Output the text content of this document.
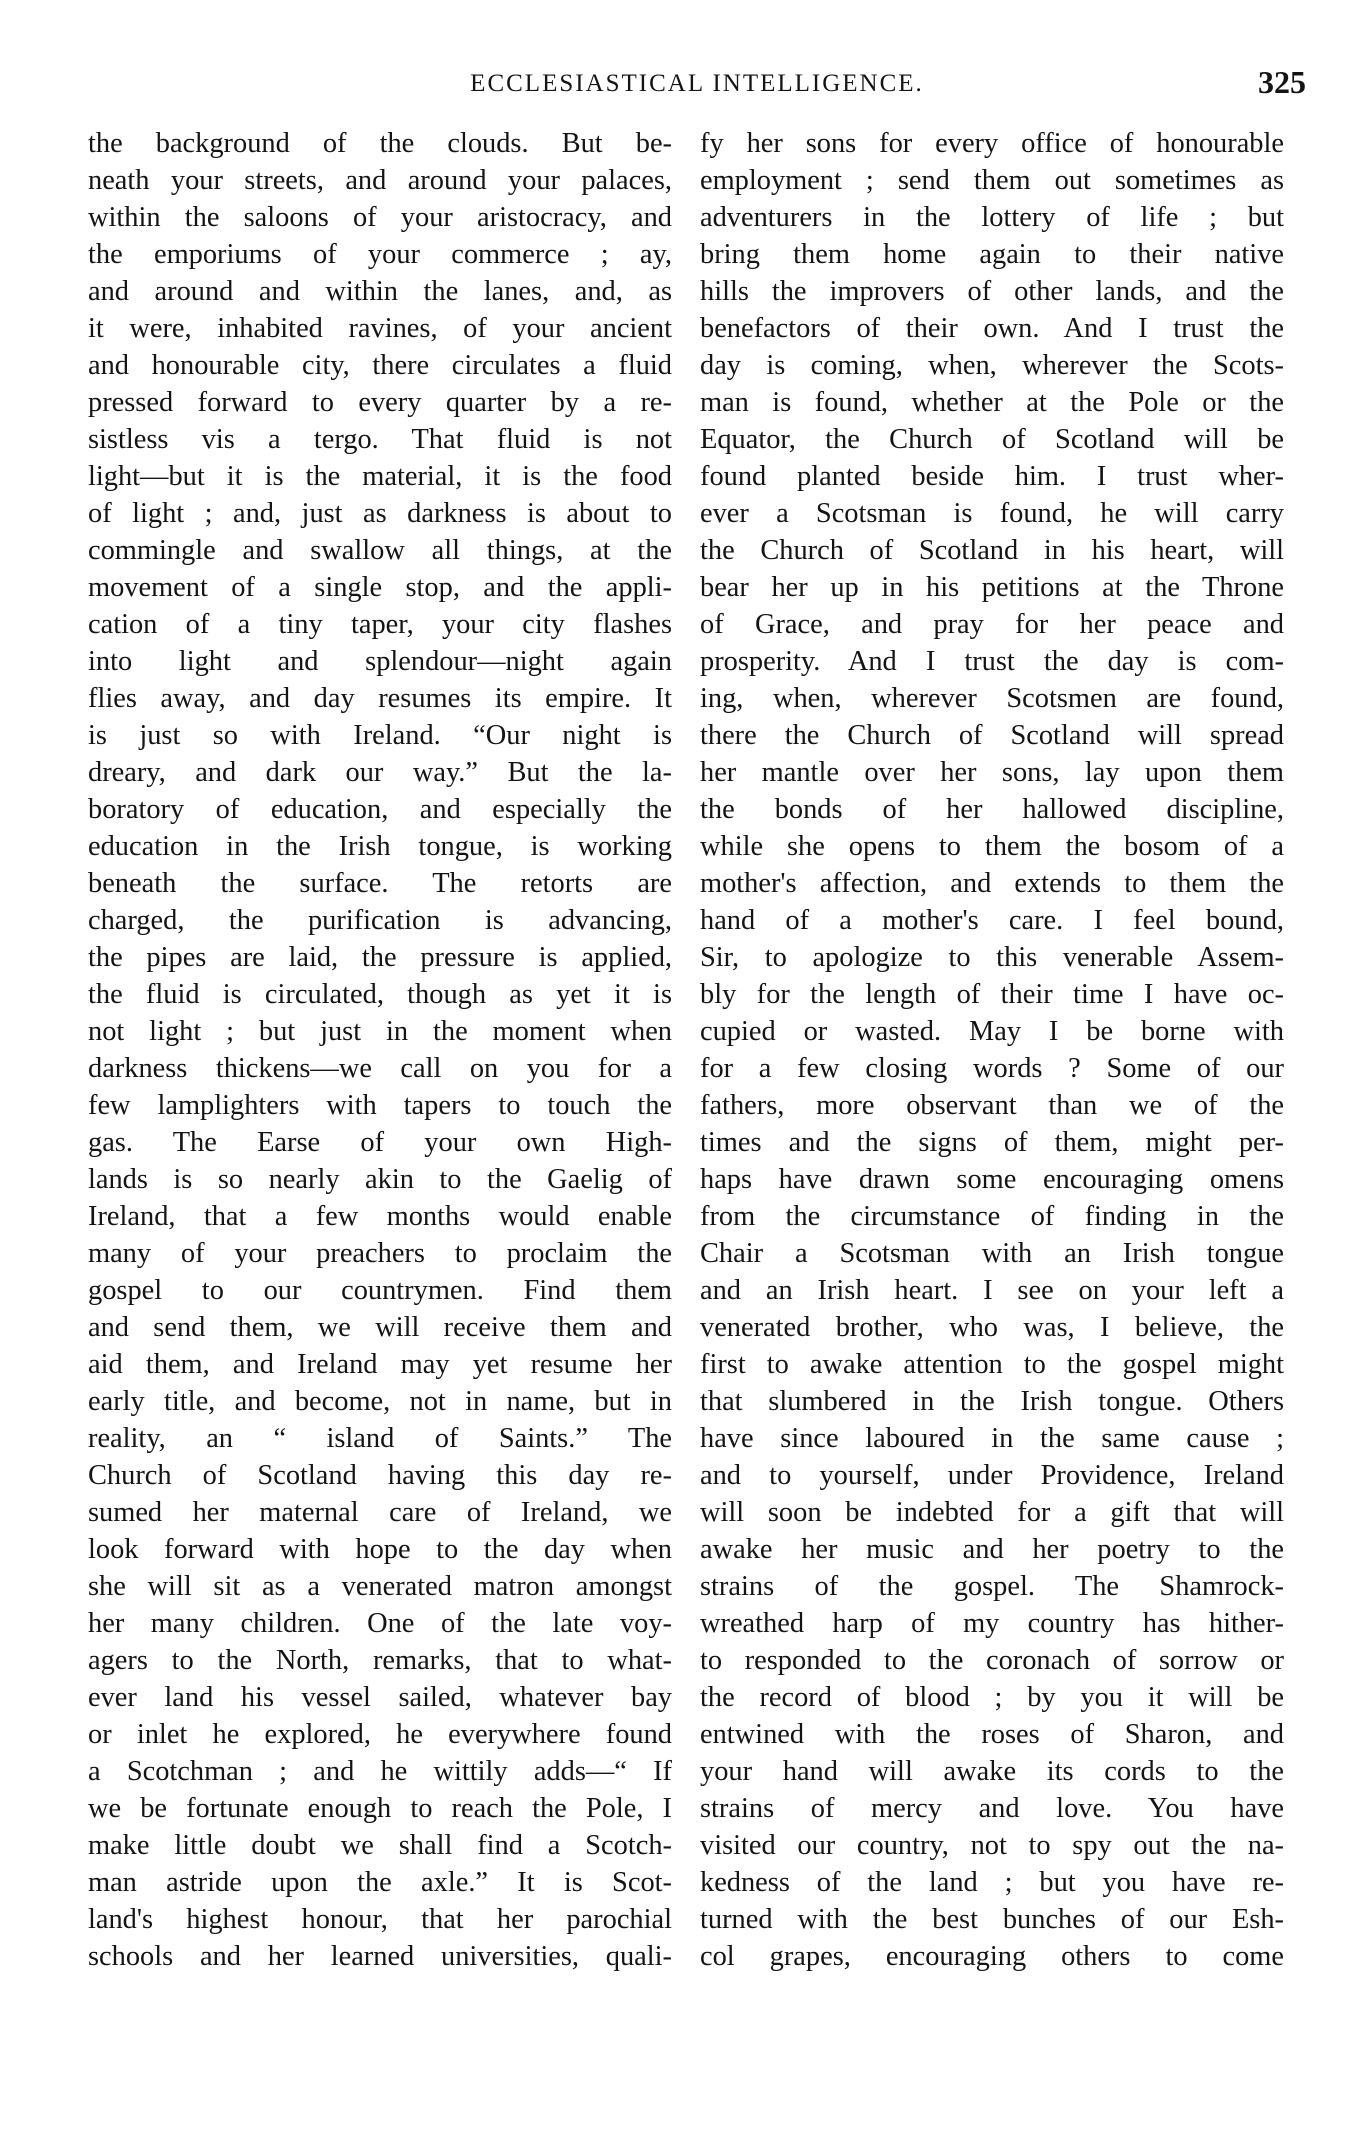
ECCLESIASTICAL INTELLIGENCE.	325
the background of the clouds. But be-
neath your streets, and around your palaces,
within the saloons of your aristocracy, and
the emporiums of your commerce ; ay,
and around and within the lanes, and, as
it were, inhabited ravines, of your ancient
and honourable city, there circulates a fluid
pressed forward to every quarter by a re-
sistless vis a tergo. That fluid is not
light—but it is the material, it is the food
of light ; and, just as darkness is about to
commingle and swallow all things, at the
movement of a single stop, and the appli-
cation of a tiny taper, your city flashes
into light and splendour—night again
flies away, and day resumes its empire. It
is just so with Ireland. “Our night is
dreary, and dark our way.” But the la-
boratory of education, and especially the
education in the Irish tongue, is working
beneath the surface. The retorts are
charged, the purification is advancing,
the pipes are laid, the pressure is applied,
the fluid is circulated, though as yet it is
not light ; but just in the moment when
darkness thickens—we call on you for a
few lamplighters with tapers to touch the
gas. The Earse of your own High-
lands is so nearly akin to the Gaelig of
Ireland, that a few months would enable
many of your preachers to proclaim the
gospel to our countrymen. Find them
and send them, we will receive them and
aid them, and Ireland may yet resume her
early title, and become, not in name, but in
reality, an “ island of Saints.” The
Church of Scotland having this day re-
sumed her maternal care of Ireland, we
look forward with hope to the day when
she will sit as a venerated matron amongst
her many children. One of the late voy-
agers to the North, remarks, that to what-
ever land his vessel sailed, whatever bay
or inlet he explored, he everywhere found
a Scotchman ; and he wittily adds—“ If
we be fortunate enough to reach the Pole, I
make little doubt we shall find a Scotch-
man astride upon the axle.” It is Scot-
land's highest honour, that her parochial
schools and her learned universities, quali-
fy her sons for every office of honourable
employment ; send them out sometimes as
adventurers in the lottery of life ; but
bring them home again to their native
hills the improvers of other lands, and the
benefactors of their own. And I trust the
day is coming, when, wherever the Scots-
man is found, whether at the Pole or the
Equator, the Church of Scotland will be
found planted beside him. I trust wher-
ever a Scotsman is found, he will carry
the Church of Scotland in his heart, will
bear her up in his petitions at the Throne
of Grace, and pray for her peace and
prosperity. And I trust the day is com-
ing, when, wherever Scotsmen are found,
there the Church of Scotland will spread
her mantle over her sons, lay upon them
the bonds of her hallowed discipline,
while she opens to them the bosom of a
mother's affection, and extends to them the
hand of a mother's care. I feel bound,
Sir, to apologize to this venerable Assem-
bly for the length of their time I have oc-
cupied or wasted. May I be borne with
for a few closing words ? Some of our
fathers, more observant than we of the
times and the signs of them, might per-
haps have drawn some encouraging omens
from the circumstance of finding in the
Chair a Scotsman with an Irish tongue
and an Irish heart. I see on your left a
venerated brother, who was, I believe, the
first to awake attention to the gospel might
that slumbered in the Irish tongue. Others
have since laboured in the same cause ;
and to yourself, under Providence, Ireland
will soon be indebted for a gift that will
awake her music and her poetry to the
strains of the gospel. The Shamrock-
wreathed harp of my country has hither-
to responded to the coronach of sorrow or
the record of blood ; by you it will be
entwined with the roses of Sharon, and
your hand will awake its cords to the
strains of mercy and love. You have
visited our country, not to spy out the na-
kedness of the land ; but you have re-
turned with the best bunches of our Esh-
col grapes, encouraging others to come
